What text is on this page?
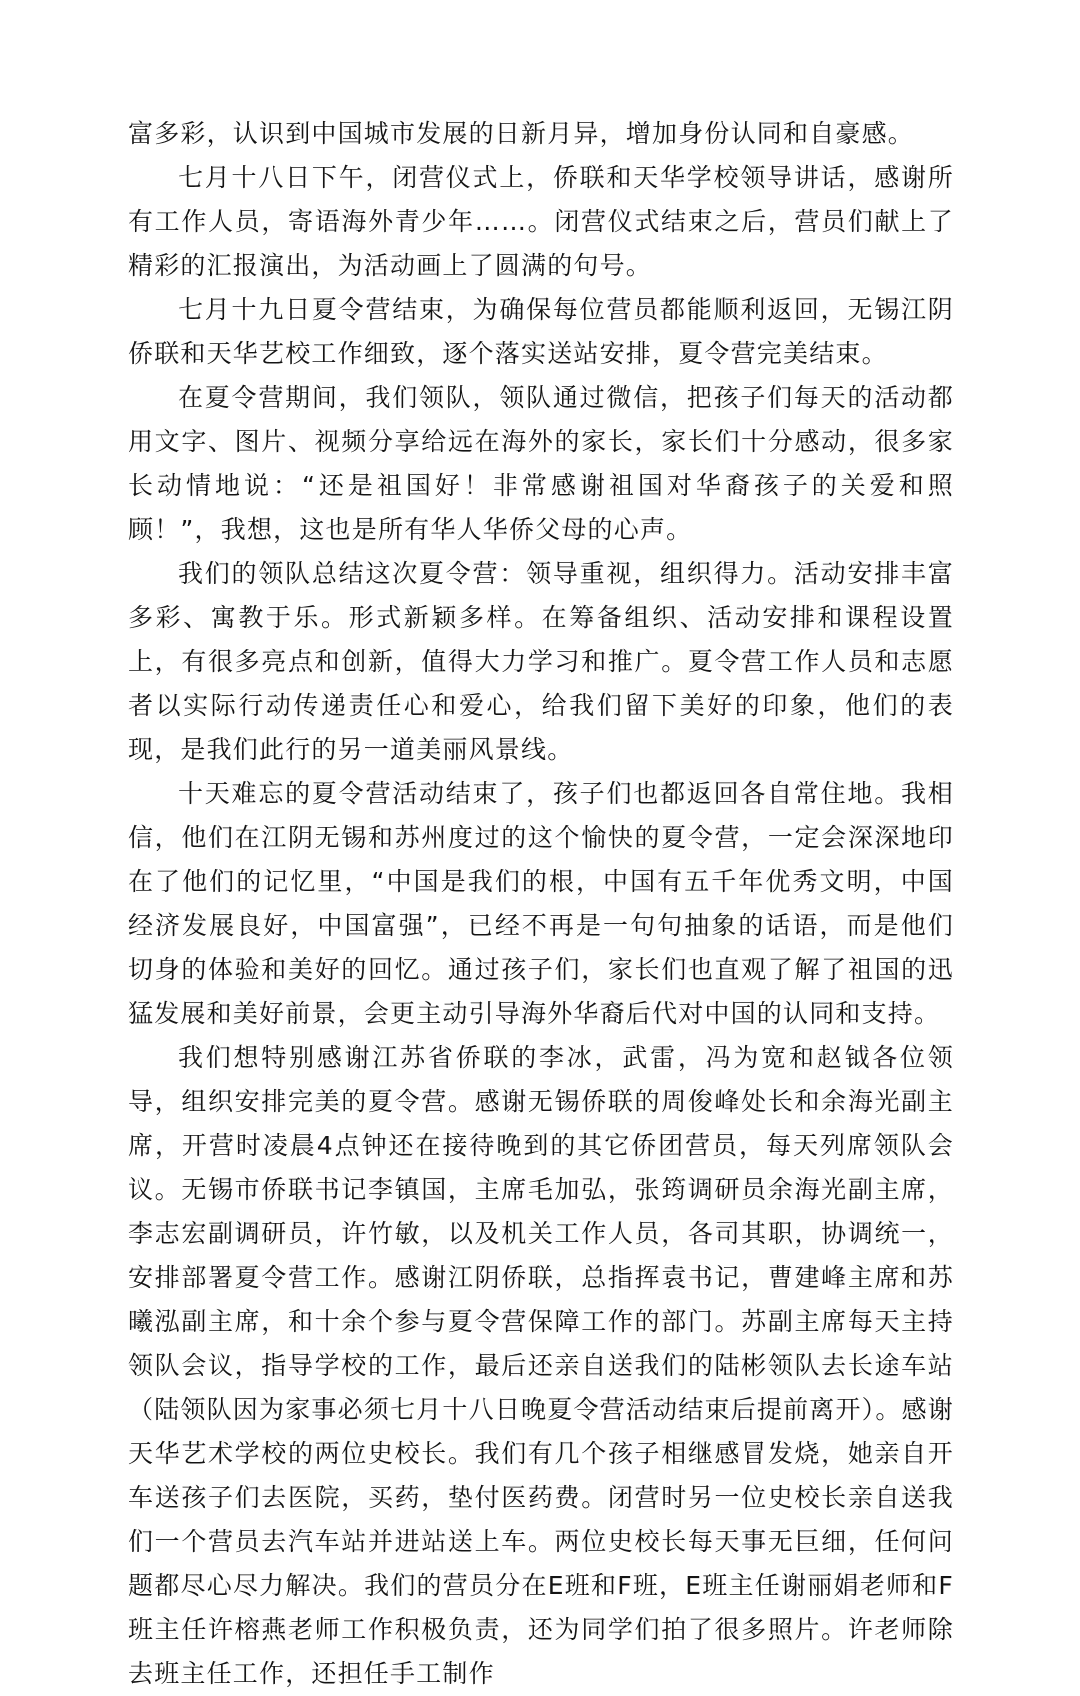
富多彩，认识到中国城市发展的日新月异，增加身份认同和自豪感。

七月十八日下午，闭营仪式上，侨联和天华学校领导讲话，感谢所有工作人员，寄语海外青少年……。闭营仪式结束之后，营员们献上了精彩的汇报演出，为活动画上了圆满的句号。

七月十九日夏令营结束，为确保每位营员都能顺利返回，无锡江阴侨联和天华艺校工作细致，逐个落实送站安排，夏令营完美结束。

在夏令营期间，我们领队，领队通过微信，把孩子们每天的活动都用文字、图片、视频分享给远在海外的家长，家长们十分感动，很多家长动情地说：“还是祖国好！非常感谢祖国对华裔孩子的关爱和照顾！”，我想，这也是所有华人华侨父母的心声。

我们的领队总结这次夏令营：领导重视，组织得力。活动安排丰富多彩、寓教于乐。形式新颖多样。在筹备组织、活动安排和课程设置上，有很多亮点和创新，值得大力学习和推广。夏令营工作人员和志愿者以实际行动传递责任心和爱心，给我们留下美好的印象，他们的表现，是我们此行的另一道美丽风景线。

十天难忘的夏令营活动结束了，孩子们也都返回各自常住地。我相信，他们在江阴无锡和苏州度过的这个愉快的夏令营，一定会深深地印在了他们的记忆里，“中国是我们的根，中国有五千年优秀文明，中国经济发展良好，中国富强”，已经不再是一句句抽象的话语，而是他们切身的体验和美好的回忆。通过孩子们，家长们也直观了解了祖国的迅猛发展和美好前景，会更主动引导海外华裔后代对中国的认同和支持。

我们想特别感谢江苏省侨联的李冰，武雷，冯为宽和赵钺各位领导，组织安排完美的夏令营。感谢无锡侨联的周俊峰处长和余海光副主席，开营时凌晨4点钟还在接待晚到的其它侨团营员，每天列席领队会议。无锡市侨联书记李镇国，主席毛加弘，张筠调研员余海光副主席，李志宏副调研员，许竹敏，以及机关工作人员，各司其职，协调统一，安排部署夏令营工作。感谢江阴侨联，总指挥袁书记，曹建峰主席和苏曦泓副主席，和十余个参与夏令营保障工作的部门。苏副主席每天主持领队会议，指导学校的工作，最后还亲自送我们的陆彬领队去长途车站（陆领队因为家事必须七月十八日晚夏令营活动结束后提前离开）。感谢天华艺术学校的两位史校长。我们有几个孩子相继感冒发烧，她亲自开车送孩子们去医院，买药，垫付医药费。闭营时另一位史校长亲自送我们一个营员去汽车站并进站送上车。两位史校长每天事无巨细，任何问题都尽心尽力解决。我们的营员分在E班和F班，E班主任谢丽娟老师和F班主任许榕燕老师工作积极负责，还为同学们拍了很多照片。许老师除去班主任工作，还担任手工制作
